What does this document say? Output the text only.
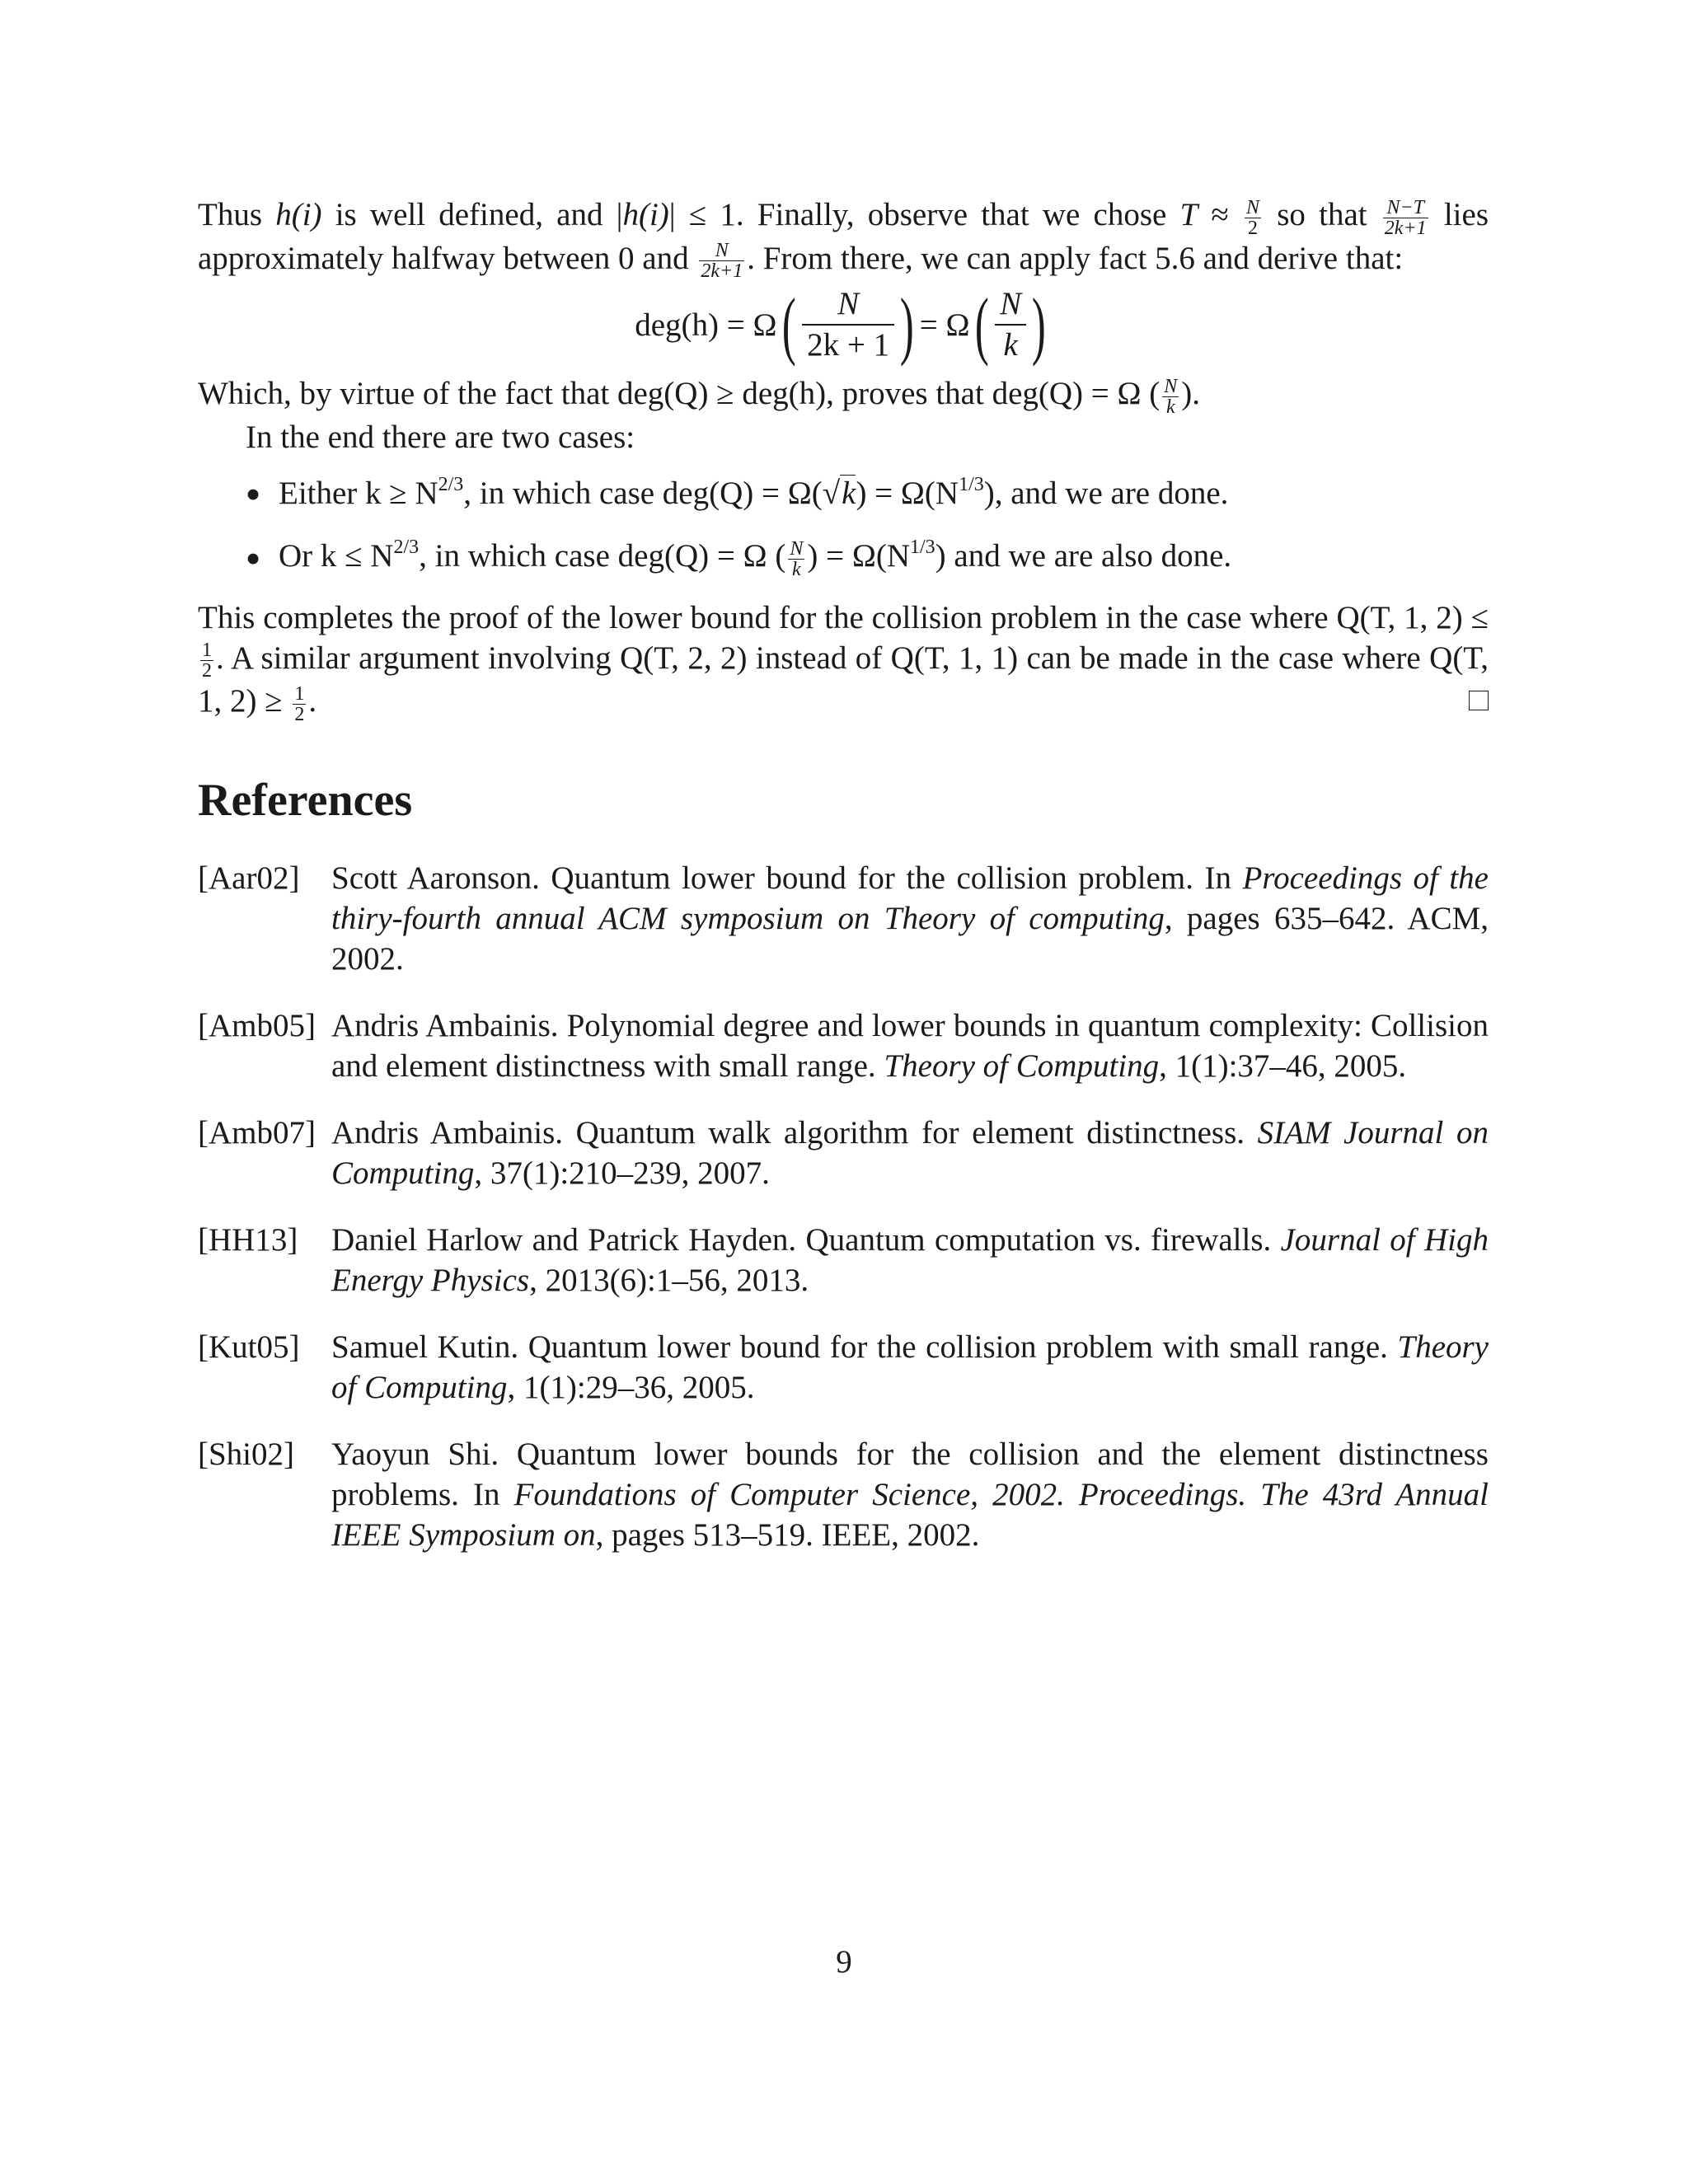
Thus h(i) is well defined, and |h(i)| ≤ 1. Finally, observe that we chose $T \approx \frac{N}{2}$ so that $\frac{N-T}{2k+1}$ lies approximately halfway between 0 and $\frac{N}{2k+1}$ . From there, we can apply fact 5.6 and derive that:

deg(h) = Ω ( $\frac{N}{2k + 1}$ ) = Ω ( $\frac{N}{k}$ )

Which, by virtue of the fact that deg(Q) ≥ deg(h), proves that deg(Q) = Ω ( $\frac{N}{k}$ ).

In the end there are two cases:

● Either $k \ge N^{2/3}$, in which case $deg(Q) = \Omega(√k) = \Omega(N^{1/3})$, and we are done.
● Or $k \le N^{2/3}$, in which case deg(Q) = Ω ( $\frac{N}{k}$ ) = $\Omega(N^{1/3})$ and we are also done.

This completes the proof of the lower bound for the collision problem in the case where Q(T, 1, 2) ≤
$\frac{1}{2}$ . A similar argument involving Q(T, 2, 2) instead of Q(T, 1, 1) can be made in the case where Q(T, 1, $2) \ge \frac{1}{2}$ .

References
[Aar02] Scott Aaronson. Quantum lower bound for the collision problem. In Proceedings of the thiry-fourth annual ACM symposium on Theory of computing, pages 635–642. ACM, 2002.
[Amb05] Andris Ambainis. Polynomial degree and lower bounds in quantum complexity: Collision and element distinctness with small range. Theory of Computing, 1(1):37–46, 2005.
[Amb07] Andris Ambainis. Quantum walk algorithm for element distinctness. SIAM Journal on Computing, 37(1):210–239, 2007.
[HH13]	Daniel Harlow and Patrick Hayden. Quantum computation vs. firewalls. Journal of High Energy Physics, 2013(6):1–56, 2013.
[Kut05] Samuel Kutin. Quantum lower bound for the collision problem with small range. Theory of Computing, 1(1):29–36, 2005.
[Shi02]	Yaoyun Shi. Quantum lower bounds for the collision and the element distinctness problems. In Foundations of Computer Science, 2002. Proceedings. The 43rd Annual IEEE Symposium on, pages 513–519. IEEE, 2002.
9
